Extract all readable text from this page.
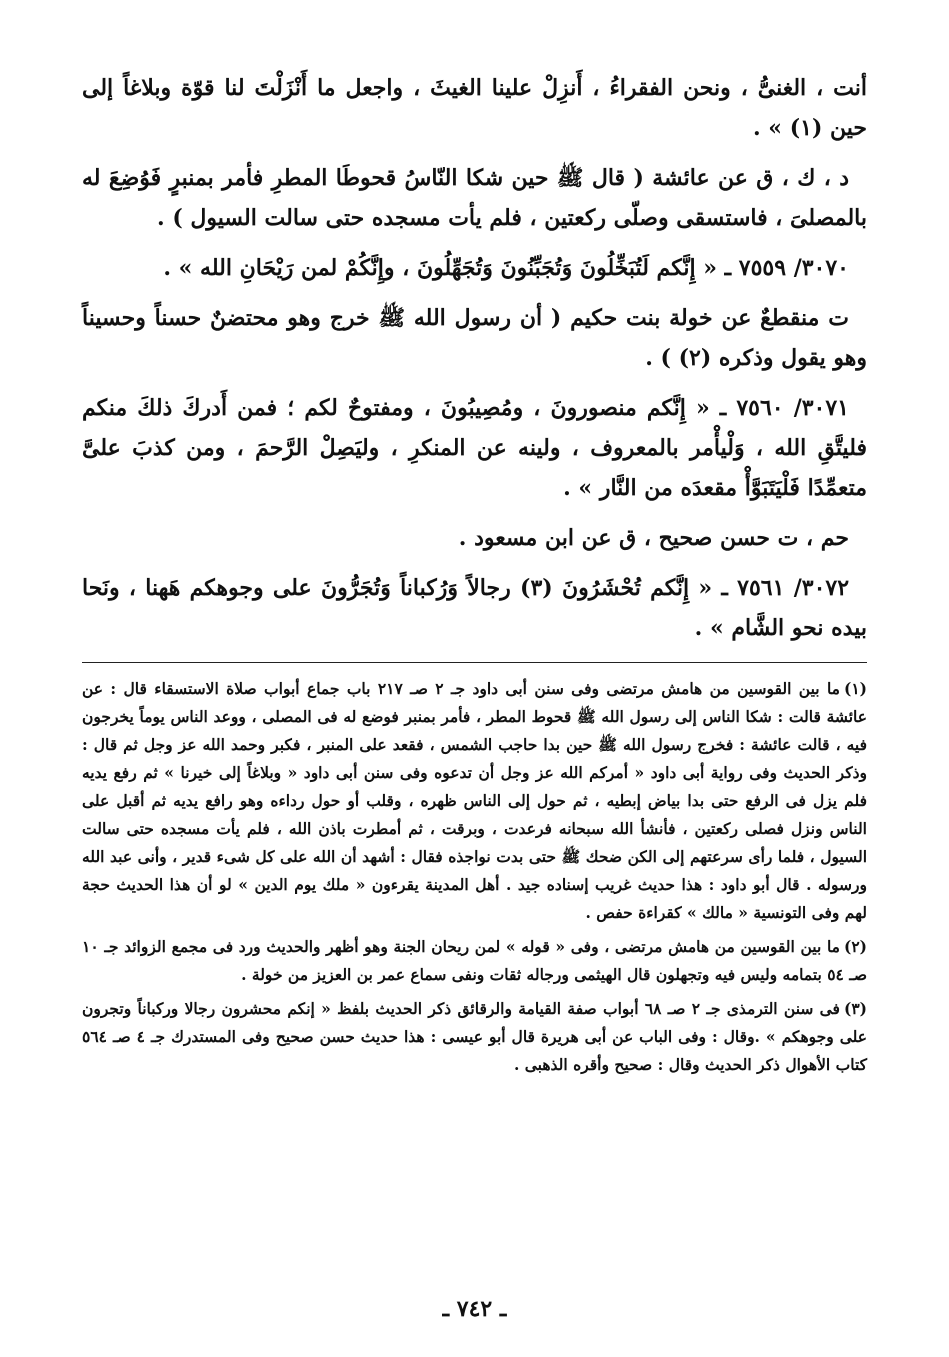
أنت ، الغنىُّ ، ونحن الفقراءُ ، أَنزِلْ علينا الغيثَ ، واجعل ما أَنْزَلْتَ لنا قوّة وبلاغاً إلى حين (١) » .

د ، ك ، ق عن عائشة ( قال ﷺ حين شكا النّاسُ قحوطَا المطرِ فأمر بمنبرٍ فَوُضِعَ له بالمصلىَ ، فاستسقى وصلّى ركعتين ، فلم يأت مسجده حتى سالت السيول ) .

٣٠٧٠/ ٧٥٥٩ ـ « إِنَّكم لَتُبَخِّلُونَ وَتُجَبِّنُونَ وَتُجَهِّلُونَ ، وإِنَّكُمْ لمن رَيْحَانِ الله » .

ت منقطعٌ عن خولة بنت حكيم ( أن رسول الله ﷺ خرج وهو محتضنٌ حسناً وحسيناً وهو يقول وذكره (٢) ) .

٣٠٧١/ ٧٥٦٠ ـ « إِنَّكم منصورونَ ، ومُصِيبُونَ ، ومفتوحٌ لكم ؛ فمن أَدركَ ذلكَ منكم فليتَّقِ الله ، وَلْيأْمر بالمعروف ، ولينه عن المنكرِ ، وليَصِلْ الرَّحمَ ، ومن كذبَ علىَّ متعمِّدًا فَلْيَتَبَوَّأْ مقعدَه من النَّار » .

حم ، ت حسن صحيح ، ق عن ابن مسعود .

٣٠٧٢/ ٧٥٦١ ـ « إِنَّكم تُحْشَرُونَ (٣) رجالاً وَرُكباناً وَتُجَرُّونَ على وجوهكم هَهنا ، ونَحا بيده نحو الشَّام » .

(١)ما بين القوسين من هامش مرتضى وفى سنن أبى داود جـ ٢ صـ ٢١٧ باب جماع أبواب صلاة الاستسقاء قال : عن عائشة قالت : شكا الناس إلى رسول الله ﷺ قحوط المطر ، فأمر بمنبر فوضع له فى المصلى ، ووعد الناس يوماً يخرجون فيه ، قالت عائشة : فخرج رسول الله ﷺ حين بدا حاجب الشمس ، فقعد على المنبر ، فكبر وحمد الله عز وجل ثم قال : وذكر الحديث وفى رواية أبى داود « أمركم الله عز وجل أن تدعوه وفى سنن أبى داود « وبلاغاً إلى خيرنا » ثم رفع يديه فلم يزل فى الرفع حتى بدا بياض إبطيه ، ثم حول إلى الناس ظهره ، وقلب أو حول رداءه وهو رافع يديه ثم أقبل على الناس ونزل فصلى ركعتين ، فأنشأ الله سبحانه فرعدت ، وبرقت ، ثم أمطرت باذن الله ، فلم يأت مسجده حتى سالت السيول ، فلما رأى سرعتهم إلى الكن ضحك ﷺ حتى بدت نواجذه فقال : أشهد أن الله على كل شىء قدير ، وأنى عبد الله ورسوله . قال أبو داود : هذا حديث غريب إسناده جيد . أهل المدينة يقرءون « ملك يوم الدين » لو أن هذا الحديث حجة لهم وفى التونسية « مالك » كقراءة حفص .

(٢)ما بين القوسين من هامش مرتضى ، وفى « قوله » لمن ريحان الجنة وهو أظهر والحديث ورد فى مجمع الزوائد جـ ١٠ صـ ٥٤ بتمامه وليس فيه وتجهلون قال الهيثمى ورجاله ثقات ونفى سماع عمر بن العزيز من خولة .

(٣)فى سنن الترمذى جـ ٢ صـ ٦٨ أبواب صفة القيامة والرقائق ذكر الحديث بلفظ « إنكم محشرون رجالا وركباناً وتجرون على وجوهكم » .وقال : وفى الباب عن أبى هريرة قال أبو عيسى : هذا حديث حسن صحيح وفى المستدرك جـ ٤ صـ ٥٦٤ كتاب الأهوال ذكر الحديث وقال : صحيح وأقره الذهبى .

ـ ٧٤٢ ـ
